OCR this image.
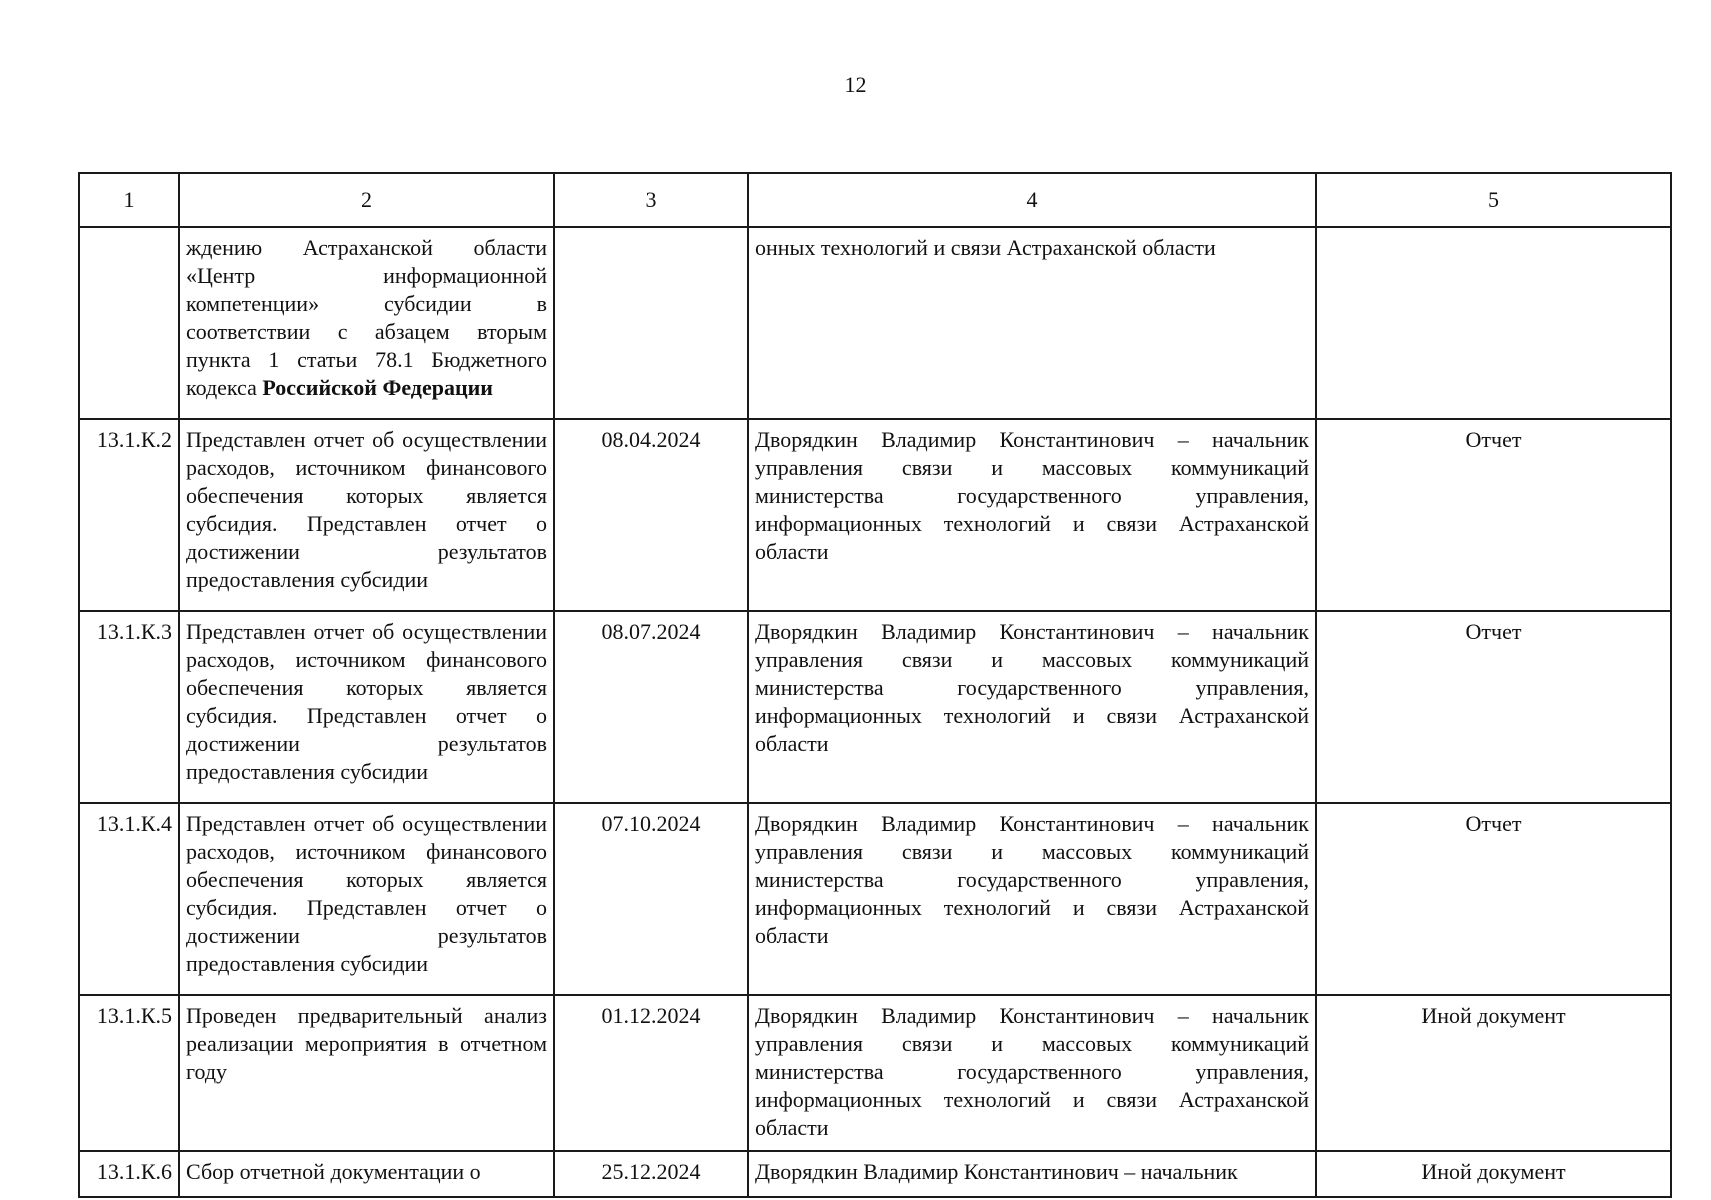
12
1	2	3	4	5
	ждению Астраханской области «Центр информационной компетенции» субсидии в соответствии с абзацем вторым пункта 1 статьи 78.1 Бюджетного кодекса Российской Федерации		онных технологий и связи Астраханской области	
13.1.К.2	Представлен отчет об осуществлении расходов, источником финансового обеспечения которых является субсидия. Представлен отчет о достижении результатов предоставления субсидии	08.04.2024	Дворядкин Владимир Константинович – начальник управления связи и массовых коммуникаций министерства государственного управления, информационных технологий и связи Астраханской области	Отчет
13.1.К.3	Представлен отчет об осуществлении расходов, источником финансового обеспечения которых является субсидия. Представлен отчет о достижении результатов предоставления субсидии	08.07.2024	Дворядкин Владимир Константинович – начальник управления связи и массовых коммуникаций министерства государственного управления, информационных технологий и связи Астраханской области	Отчет
13.1.К.4	Представлен отчет об осуществлении расходов, источником финансового обеспечения которых является субсидия. Представлен отчет о достижении результатов предоставления субсидии	07.10.2024	Дворядкин Владимир Константинович – начальник управления связи и массовых коммуникаций министерства государственного управления, информационных технологий и связи Астраханской области	Отчет
13.1.К.5	Проведен предварительный анализ реализации мероприятия в отчетном году	01.12.2024	Дворядкин Владимир Константинович – начальник управления связи и массовых коммуникаций министерства государственного управления, информационных технологий и связи Астраханской области	Иной документ
13.1.К.6	Сбор отчетной документации о	25.12.2024	Дворядкин Владимир Константинович – начальник	Иной документ
